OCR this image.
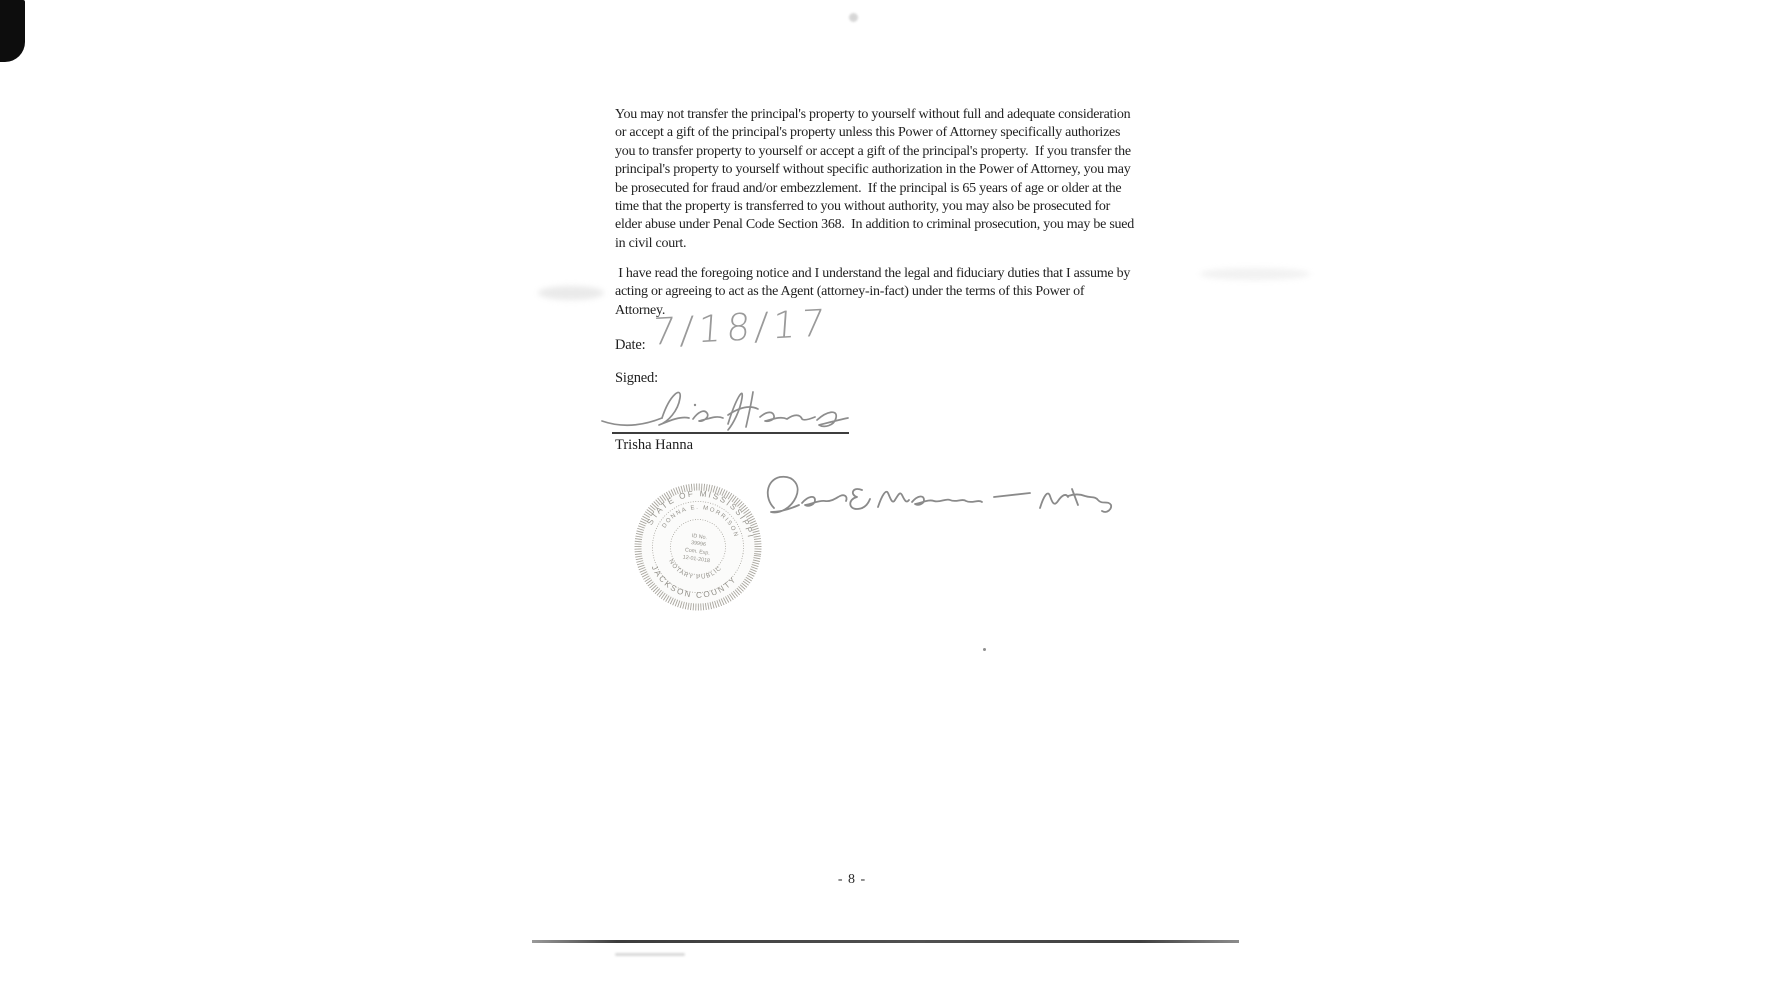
You may not transfer the principal's property to yourself without full and adequate consideration
or accept a gift of the principal's property unless this Power of Attorney specifically authorizes
you to transfer property to yourself or accept a gift of the principal's property.  If you transfer the
principal's property to yourself without specific authorization in the Power of Attorney, you may
be prosecuted for fraud and/or embezzlement.  If the principal is 65 years of age or older at the
time that the property is transferred to you without authority, you may also be prosecuted for
elder abuse under Penal Code Section 368.  In addition to criminal prosecution, you may be sued
in civil court.
I have read the foregoing notice and I understand the legal and fiduciary duties that I assume by
acting or agreeing to act as the Agent (attorney-in-fact) under the terms of this Power of
Attorney.
Date: 7/18/17
Signed:
Trisha Hanna
STATE OF MISSISSIPPI
JACKSON COUNTY
DONNA E. MORRISON
NOTARY PUBLIC
ID No.
39996
Com. Exp.
12-01-2018
- 8 -
